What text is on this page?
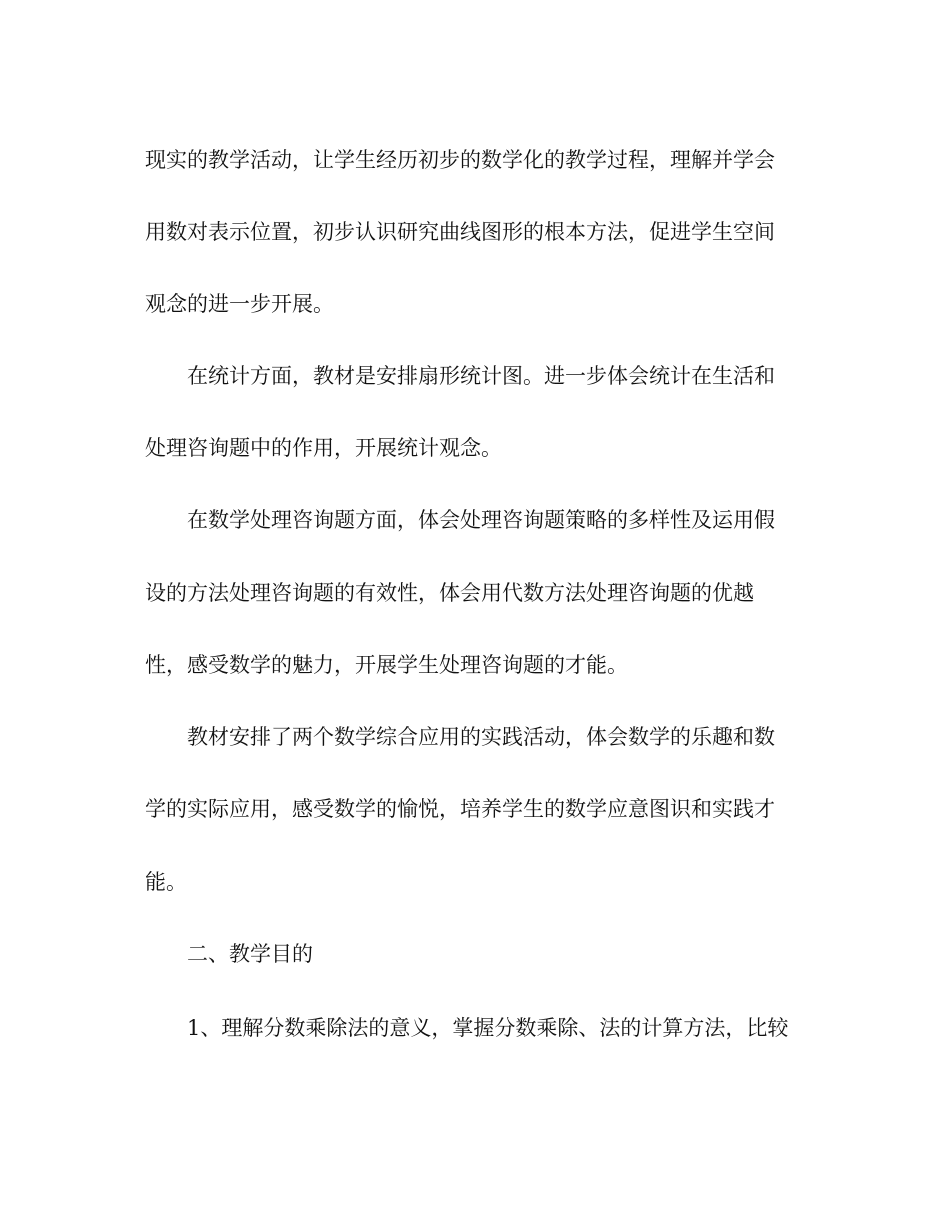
现实的教学活动，让学生经历初步的数学化的教学过程，理解并学会

用数对表示位置，初步认识研究曲线图形的根本方法，促进学生空间

观念的进一步开展。

在统计方面，教材是安排扇形统计图。进一步体会统计在生活和

处理咨询题中的作用，开展统计观念。

在数学处理咨询题方面，体会处理咨询题策略的多样性及运用假

设的方法处理咨询题的有效性，体会用代数方法处理咨询题的优越

性，感受数学的魅力，开展学生处理咨询题的才能。

教材安排了两个数学综合应用的实践活动，体会数学的乐趣和数

学的实际应用，感受数学的愉悦，培养学生的数学应意图识和实践才

能。

二、教学目的

1、理解分数乘除法的意义，掌握分数乘除、法的计算方法，比较
